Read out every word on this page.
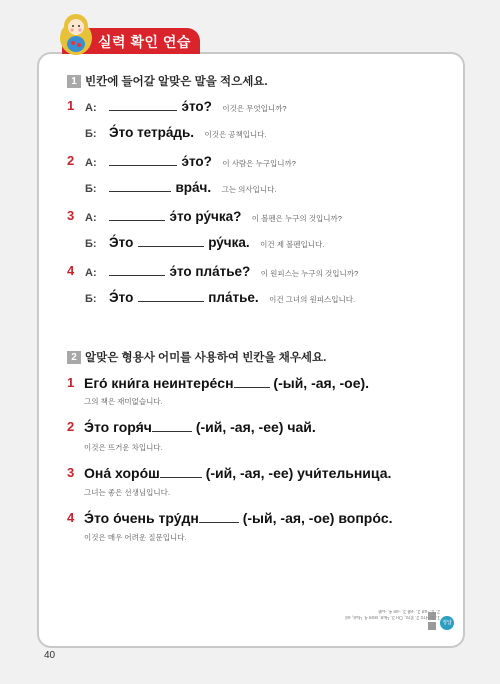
실력 확인 연습문제
1 빈칸에 들어갈 알맞은 말을 적으세요.
1 A:	э́то? 이것은 무엇입니까?
Б: Э́то тетра́дь. 이것은 공책입니다.
2 A:	э́то? 이 사람은 누구입니까?
Б:	вра́ч. 그는 의사입니다.
3 A:	э́то ру́чка? 이 볼펜은 누구의 것입니까?
Б: Э́то	ру́чка. 이건 제 볼펜입니다.
4 A:	э́то пла́тье? 이 원피스는 누구의 것입니까?
Б: Э́то	пла́тье. 이건 그녀의 원피스입니다.
2 알맞은 형용사 어미를 사용하여 빈칸을 채우세요.
1 Его́ кни́га неинтере́сн	(-ый, -ая, -ое).
그의 책은 재미없습니다.
2 Э́то горя́ч	(-ий, -ая, -ее) чай.
이것은 뜨거운 차입니다.
3 Она́ хоро́ш	(-ий, -ая, -ее) учи́тельница.
그녀는 좋은 선생님입니다.
4 Э́то о́чень тру́дн	(-ый, -ая, -ое) вопро́с.
이것은 매우 어려운 질문입니다.
정답
1. 1. Что 2. Кто, Он 3. Чья, моя 4. Чьё, её
2. 1. -ая 2. -ий 3. -ая 4. -ый
40
